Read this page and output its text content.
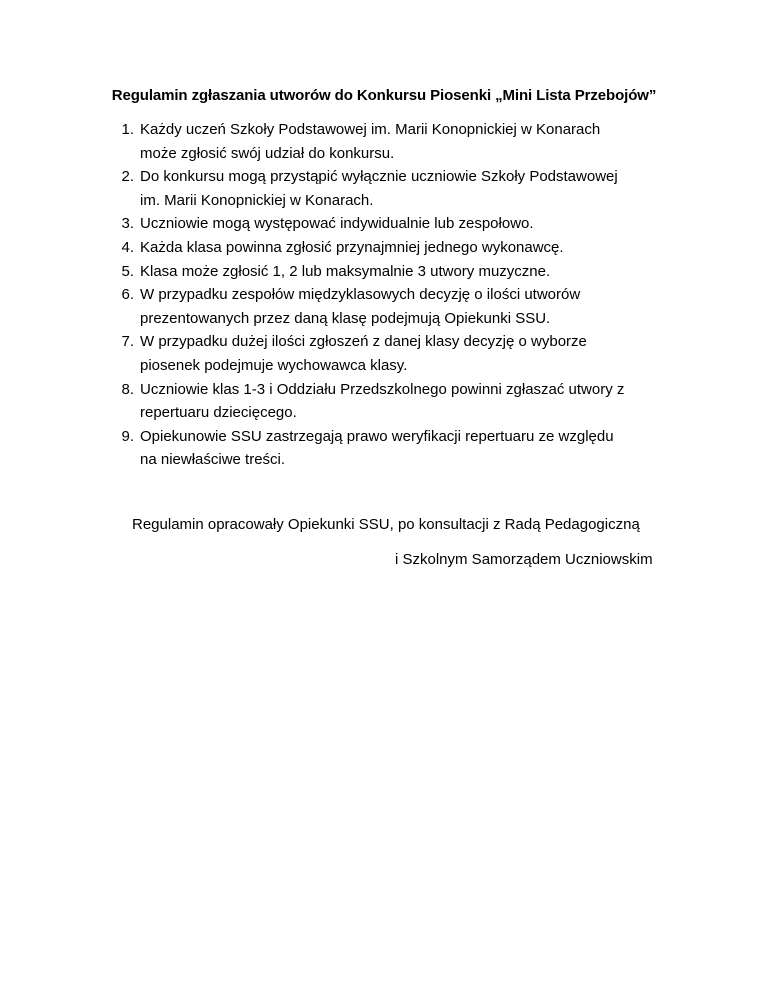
Regulamin zgłaszania utworów do Konkursu Piosenki „Mini Lista Przebojów”
1. Każdy uczeń Szkoły Podstawowej im. Marii Konopnickiej w Konarach
może zgłosić swój udział do konkursu.
2. Do konkursu mogą przystąpić wyłącznie uczniowie Szkoły Podstawowej
im. Marii Konopnickiej w Konarach.
3. Uczniowie mogą występować indywidualnie lub zespołowo.
4. Każda klasa powinna zgłosić przynajmniej jednego wykonawcę.
5. Klasa może zgłosić 1, 2 lub maksymalnie 3 utwory muzyczne.
6. W przypadku zespołów międzyklasowych decyzję o ilości utworów
prezentowanych przez daną klasę podejmują Opiekunki SSU.
7. W przypadku dużej ilości zgłoszeń z danej klasy decyzję o wyborze
piosenek podejmuje wychowawca klasy.
8. Uczniowie klas 1-3 i Oddziału Przedszkolnego powinni zgłaszać utwory z
repertuaru dziecięcego.
9. Opiekunowie SSU zastrzegają prawo weryfikacji repertuaru ze względu
na niewłaściwe treści.
Regulamin opracowały Opiekunki SSU, po konsultacji z Radą Pedagogiczną
i Szkolnym Samorządem Uczniowskim
